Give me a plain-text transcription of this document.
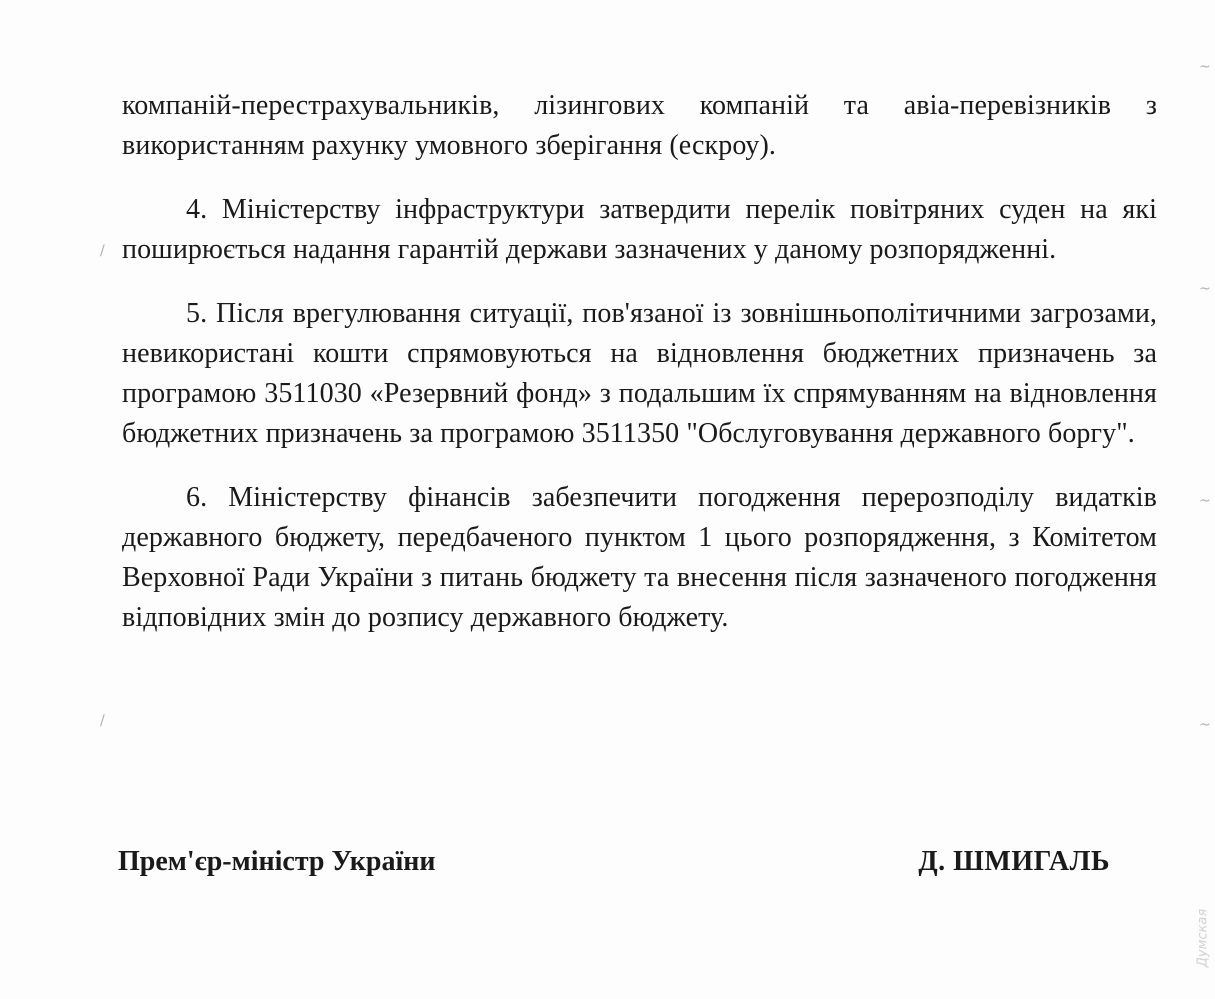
компаній-перестрахувальників, лізингових компаній та авіа-перевізників з використанням рахунку умовного зберігання (ескроу).

4. Міністерству інфраструктури затвердити перелік повітряних суден на які поширюється надання гарантій держави зазначених у даному розпорядженні.

5. Після врегулювання ситуації, пов'язаної із зовнішньополітичними загрозами, невикористані кошти спрямовуються на відновлення бюджетних призначень за програмою 3511030 «Резервний фонд» з подальшим їх спрямуванням на відновлення бюджетних призначень за програмою 3511350 "Обслуговування державного боргу".

6. Міністерству фінансів забезпечити погодження перерозподілу видатків державного бюджету, передбаченого пунктом 1 цього розпорядження, з Комітетом Верховної Ради України з питань бюджету та внесення після зазначеного погодження відповідних змін до розпису державного бюджету.

Прем'єр-міністр України	Д. ШМИГАЛЬ
/
/
~
~
~
~
Думская
